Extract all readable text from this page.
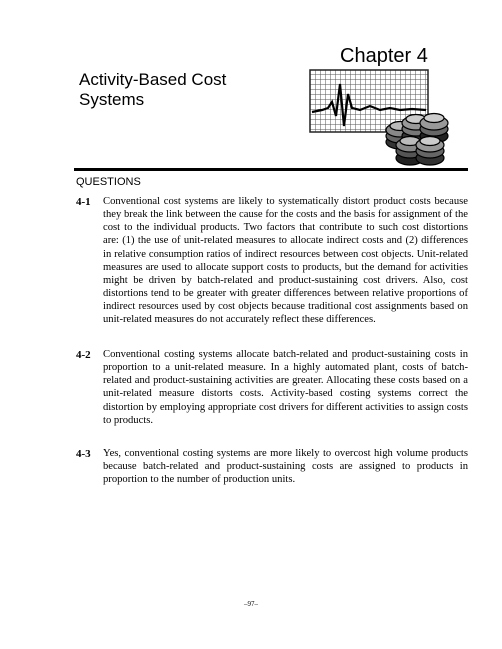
Chapter 4
Activity-Based Cost Systems
QUESTIONS
4-1 Conventional cost systems are likely to systematically distort product costs because they break the link between the cause for the costs and the basis for assignment of the cost to the individual products. Two factors that contribute to such cost distortions are: (1) the use of unit-related measures to allocate indirect costs and (2) differences in relative consumption ratios of indirect resources between cost objects. Unit-related measures are used to allocate support costs to products, but the demand for activities might be driven by batch-related and product-sustaining cost drivers. Also, cost distortions tend to be greater with greater differences between relative proportions of indirect resources used by cost objects because traditional cost assignments based on unit-related measures do not accurately reflect these differences.
4-2 Conventional costing systems allocate batch-related and product-sustaining costs in proportion to a unit-related measure. In a highly automated plant, costs of batch-related and product-sustaining activities are greater. Allocating these costs based on a unit-related measure distorts costs. Activity-based costing systems correct the distortion by employing appropriate cost drivers for different activities to assign costs to products.
4-3 Yes, conventional costing systems are more likely to overcost high volume products because batch-related and product-sustaining costs are assigned to products in proportion to the number of production units.
–97–
